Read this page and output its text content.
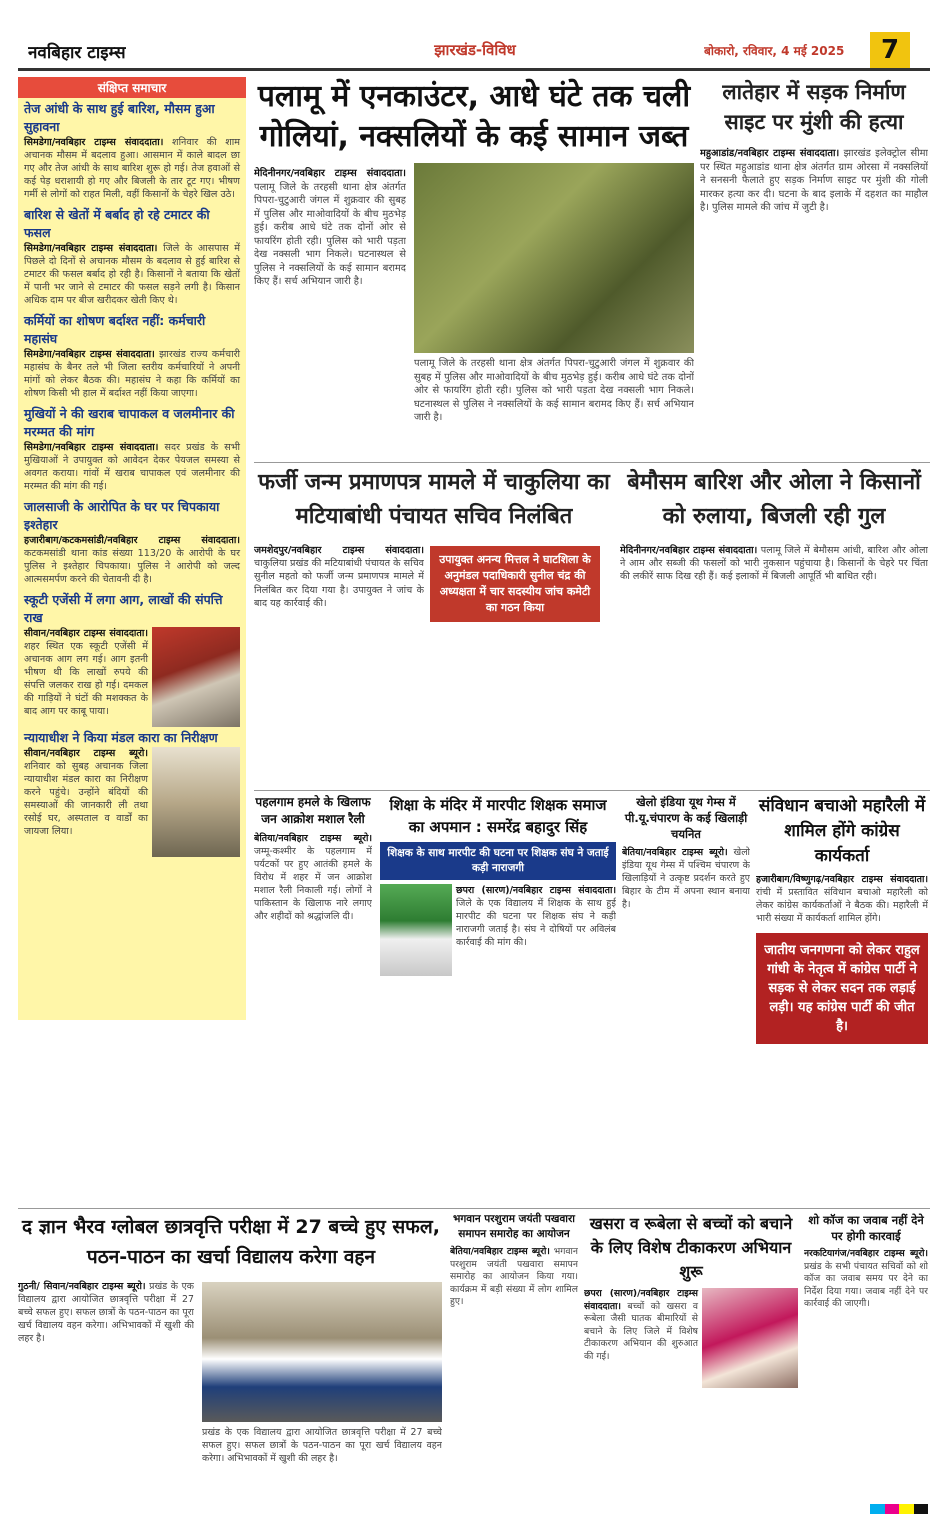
नवबिहार टाइम्स	झारखंड-विविध	बोकारो, रविवार, 4 मई 2025	7
संक्षिप्त समाचार
तेज आंधी के साथ हुई बारिश, मौसम हुआ सुहावना
सिमडेगा/नवबिहार टाइम्स संवाददाता। शनिवार की शाम अचानक मौसम में बदलाव हुआ। आसमान में काले बादल छा गए और तेज आंधी के साथ बारिश शुरू हो गई। तेज हवाओं से कई पेड़ धराशायी हो गए और बिजली के तार टूट गए। भीषण गर्मी से लोगों को राहत मिली, वहीं किसानों के चेहरे खिल उठे।
बारिश से खेतों में बर्बाद हो रहे टमाटर की फसल
सिमडेगा/नवबिहार टाइम्स संवाददाता। जिले के आसपास में पिछले दो दिनों से अचानक मौसम के बदलाव से हुई बारिश से टमाटर की फसल बर्बाद हो रही है। किसानों ने बताया कि खेतों में पानी भर जाने से टमाटर की फसल सड़ने लगी है। किसान अधिक दाम पर बीज खरीदकर खेती किए थे।
कर्मियों का शोषण बर्दाश्त नहीं: कर्मचारी महासंघ
सिमडेगा/नवबिहार टाइम्स संवाददाता। झारखंड राज्य कर्मचारी महासंघ के बैनर तले भी जिला स्तरीय कर्मचारियों ने अपनी मांगों को लेकर बैठक की। महासंघ ने कहा कि कर्मियों का शोषण किसी भी हाल में बर्दाश्त नहीं किया जाएगा।
मुखियों ने की खराब चापाकल व जलमीनार की मरम्मत की मांग
सिमडेगा/नवबिहार टाइम्स संवाददाता। सदर प्रखंड के सभी मुखियाओं ने उपायुक्त को आवेदन देकर पेयजल समस्या से अवगत कराया। गांवों में खराब चापाकल एवं जलमीनार की मरम्मत की मांग की गई।
जालसाजी के आरोपित के घर पर चिपकाया इश्तेहार
हजारीबाग/कटकमसांडी/नवबिहार टाइम्स संवाददाता। कटकमसांडी थाना कांड संख्या 113/20 के आरोपी के घर पुलिस ने इश्तेहार चिपकाया। पुलिस ने आरोपी को जल्द आत्मसमर्पण करने की चेतावनी दी है।
स्कूटी एजेंसी में लगा आग, लाखों की संपत्ति राख
सीवान/नवबिहार टाइम्स संवाददाता। शहर स्थित एक स्कूटी एजेंसी में अचानक आग लग गई। आग इतनी भीषण थी कि लाखों रुपये की संपत्ति जलकर राख हो गई। दमकल की गाड़ियों ने घंटों की मशक्कत के बाद आग पर काबू पाया।
न्यायाधीश ने किया मंडल कारा का निरीक्षण
सीवान/नवबिहार टाइम्स ब्यूरो। शनिवार को सुबह अचानक जिला न्यायाधीश मंडल कारा का निरीक्षण करने पहुंचे। उन्होंने बंदियों की समस्याओं की जानकारी ली तथा रसोई घर, अस्पताल व वार्डों का जायजा लिया।
पलामू में एनकाउंटर, आधे घंटे तक चली गोलियां, नक्सलियों के कई सामान जब्त
मेदिनीनगर/नवबिहार टाइम्स संवाददाता। पलामू जिले के तरहसी थाना क्षेत्र अंतर्गत पिपरा-चुटुआरी जंगल में शुक्रवार की सुबह में पुलिस और माओवादियों के बीच मुठभेड़ हुई। करीब आधे घंटे तक दोनों ओर से फायरिंग होती रही। पुलिस को भारी पड़ता देख नक्सली भाग निकले। घटनास्थल से पुलिस ने नक्सलियों के कई सामान बरामद किए हैं। सर्च अभियान जारी है।
पलामू जिले के तरहसी थाना क्षेत्र अंतर्गत पिपरा-चुटुआरी जंगल में शुक्रवार की सुबह में पुलिस और माओवादियों के बीच मुठभेड़ हुई। करीब आधे घंटे तक दोनों ओर से फायरिंग होती रही। पुलिस को भारी पड़ता देख नक्सली भाग निकले। घटनास्थल से पुलिस ने नक्सलियों के कई सामान बरामद किए हैं। सर्च अभियान जारी है।
लातेहार में सड़क निर्माण साइट पर मुंशी की हत्या
महुआडांड/नवबिहार टाइम्स संवाददाता। झारखंड इलेक्ट्रोल सीमा पर स्थित महुआडांड थाना क्षेत्र अंतर्गत ग्राम ओरसा में नक्सलियों ने सनसनी फैलाते हुए सड़क निर्माण साइट पर मुंशी की गोली मारकर हत्या कर दी। घटना के बाद इलाके में दहशत का माहौल है। पुलिस मामले की जांच में जुटी है।
फर्जी जन्म प्रमाणपत्र मामले में चाकुलिया का मटियाबांधी पंचायत सचिव निलंबित
जमशेदपुर/नवबिहार टाइम्स संवाददाता। चाकुलिया प्रखंड की मटियाबांधी पंचायत के सचिव सुनील महतो को फर्जी जन्म प्रमाणपत्र मामले में निलंबित कर दिया गया है। उपायुक्त ने जांच के बाद यह कार्रवाई की।
उपायुक्त अनन्य मित्तल ने घाटशिला के अनुमंडल पदाधिकारी सुनील चंद्र की अध्यक्षता में चार सदस्यीय जांच कमेटी का गठन किया
बेमौसम बारिश और ओला ने किसानों को रुलाया, बिजली रही गुल
मेदिनीनगर/नवबिहार टाइम्स संवाददाता। पलामू जिले में बेमौसम आंधी, बारिश और ओला ने आम और सब्जी की फसलों को भारी नुकसान पहुंचाया है। किसानों के चेहरे पर चिंता की लकीरें साफ दिख रही हैं। कई इलाकों में बिजली आपूर्ति भी बाधित रही।
पहलगाम हमले के खिलाफ जन आक्रोश मशाल रैली
बेतिया/नवबिहार टाइम्स ब्यूरो। जम्मू-कश्मीर के पहलगाम में पर्यटकों पर हुए आतंकी हमले के विरोध में शहर में जन आक्रोश मशाल रैली निकाली गई। लोगों ने पाकिस्तान के खिलाफ नारे लगाए और शहीदों को श्रद्धांजलि दी।
शिक्षा के मंदिर में मारपीट शिक्षक समाज का अपमान : समरेंद्र बहादुर सिंह
शिक्षक के साथ मारपीट की घटना पर शिक्षक संघ ने जताई कड़ी नाराजगी
छपरा (सारण)/नवबिहार टाइम्स संवाददाता। जिले के एक विद्यालय में शिक्षक के साथ हुई मारपीट की घटना पर शिक्षक संघ ने कड़ी नाराजगी जताई है। संघ ने दोषियों पर अविलंब कार्रवाई की मांग की।
खेलो इंडिया यूथ गेम्स में पी.यू.चंपारण के कई खिलाड़ी चयनित
बेतिया/नवबिहार टाइम्स ब्यूरो। खेलो इंडिया यूथ गेम्स में पश्चिम चंपारण के खिलाड़ियों ने उत्कृष्ट प्रदर्शन करते हुए बिहार के टीम में अपना स्थान बनाया है।
संविधान बचाओ महारैली में शामिल होंगे कांग्रेस कार्यकर्ता
हजारीबाग/विष्णुगढ़/नवबिहार टाइम्स संवाददाता। रांची में प्रस्तावित संविधान बचाओ महारैली को लेकर कांग्रेस कार्यकर्ताओं ने बैठक की। महारैली में भारी संख्या में कार्यकर्ता शामिल होंगे।
जातीय जनगणना को लेकर राहुल गांधी के नेतृत्व में कांग्रेस पार्टी ने सड़क से लेकर सदन तक लड़ाई लड़ी। यह कांग्रेस पार्टी की जीत है।
द ज्ञान भैरव ग्लोबल छात्रवृत्ति परीक्षा में 27 बच्चे हुए सफल, पठन-पाठन का खर्चा विद्यालय करेगा वहन
गुठनी/ सिवान/नवबिहार टाइम्स ब्यूरो। प्रखंड के एक विद्यालय द्वारा आयोजित छात्रवृत्ति परीक्षा में 27 बच्चे सफल हुए। सफल छात्रों के पठन-पाठन का पूरा खर्च विद्यालय वहन करेगा। अभिभावकों में खुशी की लहर है।
प्रखंड के एक विद्यालय द्वारा आयोजित छात्रवृत्ति परीक्षा में 27 बच्चे सफल हुए। सफल छात्रों के पठन-पाठन का पूरा खर्च विद्यालय वहन करेगा। अभिभावकों में खुशी की लहर है।
भगवान परशुराम जयंती पखवारा समापन समारोह का आयोजन
बेतिया/नवबिहार टाइम्स ब्यूरो। भगवान परशुराम जयंती पखवारा समापन समारोह का आयोजन किया गया। कार्यक्रम में बड़ी संख्या में लोग शामिल हुए।
खसरा व रूबेला से बच्चों को बचाने के लिए विशेष टीकाकरण अभियान शुरू
छपरा (सारण)/नवबिहार टाइम्स संवाददाता। बच्चों को खसरा व रूबेला जैसी घातक बीमारियों से बचाने के लिए जिले में विशेष टीकाकरण अभियान की शुरुआत की गई।
शो कॉज का जवाब नहीं देने पर होगी कारवाई
नरकटियागंज/नवबिहार टाइम्स ब्यूरो। प्रखंड के सभी पंचायत सचिवों को शो कॉज का जवाब समय पर देने का निर्देश दिया गया। जवाब नहीं देने पर कार्रवाई की जाएगी।
